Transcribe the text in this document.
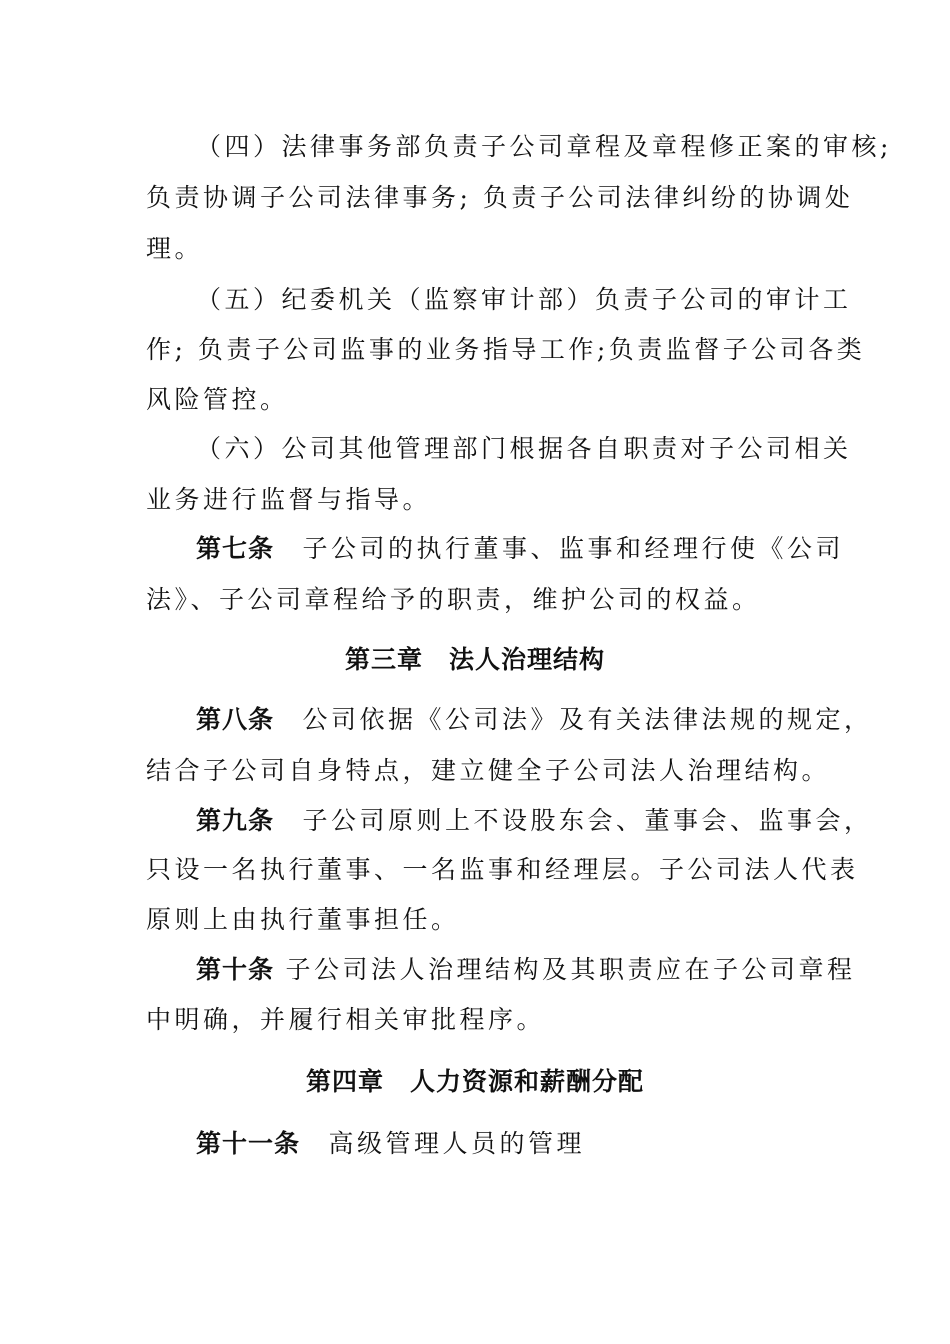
（四）法律事务部负责子公司章程及章程修正案的审核;
负责协调子公司法律事务; 负责子公司法律纠纷的协调处
理。
（五）纪委机关（监察审计部）负责子公司的审计工
作; 负责子公司监事的业务指导工作;负责监督子公司各类
风险管控。
（六）公司其他管理部门根据各自职责对子公司相关
业务进行监督与指导。
第七条　 子公司的执行董事、监事和经理行使《公司
法》、子公司章程给予的职责，维护公司的权益。
第三章　法人治理结构
第八条　 公司依据《公司法》及有关法律法规的规定，
结合子公司自身特点，建立健全子公司法人治理结构。
第九条　 子公司原则上不设股东会、董事会、监事会，
只设一名执行董事、一名监事和经理层。子公司法人代表
原则上由执行董事担任。
第十条 子公司法人治理结构及其职责应在子公司章程
中明确，并履行相关审批程序。
第四章　人力资源和薪酬分配
第十一条　 高级管理人员的管理
